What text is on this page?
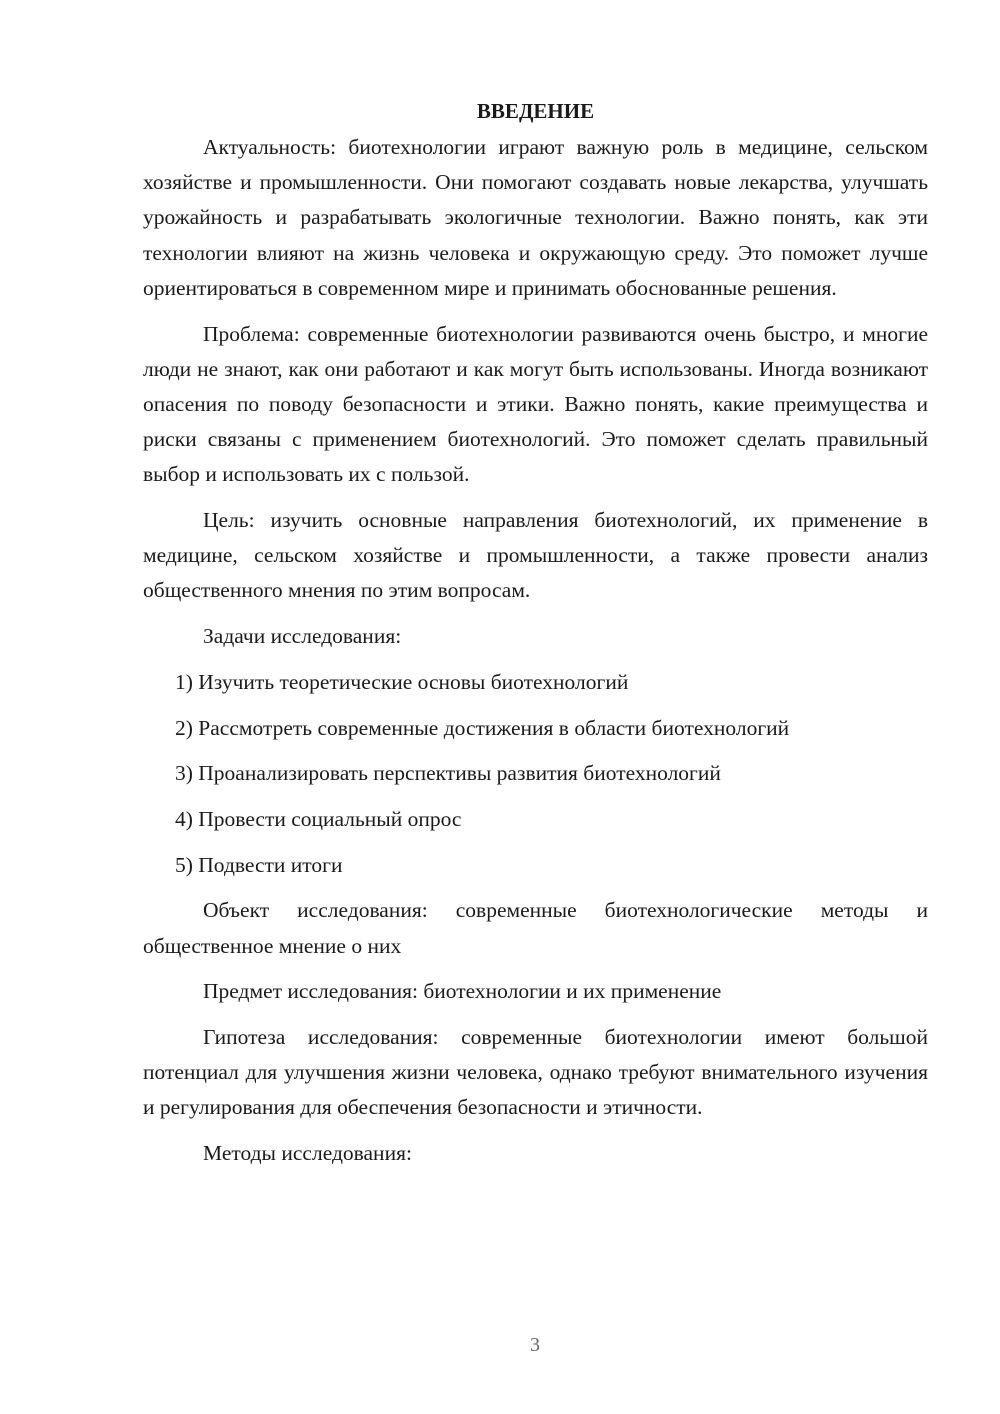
ВВЕДЕНИЕ

Актуальность: биотехнологии играют важную роль в медицине, сельском хозяйстве и промышленности. Они помогают создавать новые лекарства, улучшать урожайность и разрабатывать экологичные технологии. Важно понять, как эти технологии влияют на жизнь человека и окружающую среду. Это поможет лучше ориентироваться в современном мире и принимать обоснованные решения.

Проблема: современные биотехнологии развиваются очень быстро, и многие люди не знают, как они работают и как могут быть использованы. Иногда возникают опасения по поводу безопасности и этики. Важно понять, какие преимущества и риски связаны с применением биотехнологий. Это поможет сделать правильный выбор и использовать их с пользой.

Цель: изучить основные направления биотехнологий, их применение в медицине, сельском хозяйстве и промышленности, а также провести анализ общественного мнения по этим вопросам.

Задачи исследования:

1) Изучить теоретические основы биотехнологий

2) Рассмотреть современные достижения в области биотехнологий

3) Проанализировать перспективы развития биотехнологий

4) Провести социальный опрос

5) Подвести итоги

Объект исследования: современные биотехнологические методы и общественное мнение о них

Предмет исследования: биотехнологии и их применение

Гипотеза исследования: современные биотехнологии имеют большой потенциал для улучшения жизни человека, однако требуют внимательного изучения и регулирования для обеспечения безопасности и этичности.

Методы исследования:

3
